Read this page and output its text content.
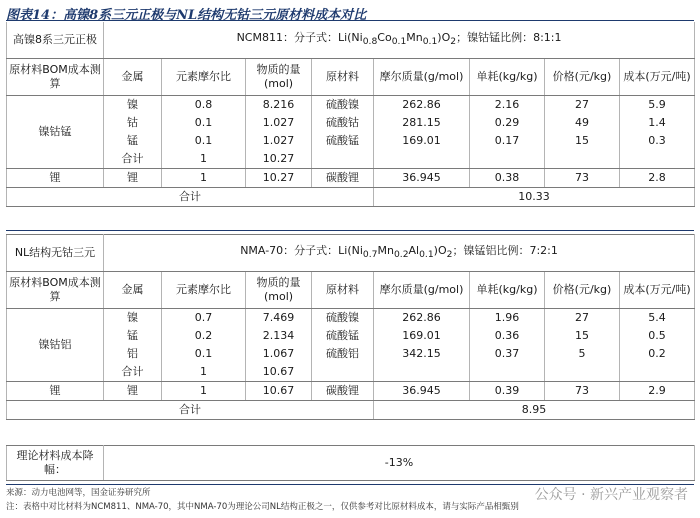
图表14：高镍8系三元正极与NL结构无钴三元原材料成本对比
高镍8系三元正极	NCM811：分子式：$Li(Ni_{0.8}Co_{0.1}Mn_{0.1})O_2$；镍钴锰比例：8:1:1							
原材料BOM成本测算	金属	元素摩尔比	物质的量(mol)	原材料	摩尔质量(g/mol)	单耗(kg/kg)	价格(元/kg)	成本(万元/吨)
镍钴锰	镍	0.8	8.216	硫酸镍	262.86	2.16	27	5.9
	钴	0.1	1.027	硫酸钴	281.15	0.29	49	1.4
	锰	0.1	1.027	硫酸锰	169.01	0.17	15	0.3
	合计	1	10.27					
锂	锂	1	10.27	碳酸锂	36.945	0.38	73	2.8
合计					10.33			
NL结构无钴三元	NMA-70：分子式：$Li(Ni_{0.7}Mn_{0.2}Al_{0.1})O_2$；镍锰铝比例：7:2:1							
原材料BOM成本测算	金属	元素摩尔比	物质的量(mol)	原材料	摩尔质量(g/mol)	单耗(kg/kg)	价格(元/kg)	成本(万元/吨)
镍钴铝	镍	0.7	7.469	硫酸镍	262.86	1.96	27	5.4
	锰	0.2	2.134	硫酸锰	169.01	0.36	15	0.5
	铝	0.1	1.067	硫酸铝	342.15	0.37	5	0.2
	合计	1	10.67					
锂	锂	1	10.67	碳酸锂	36.945	0.39	73	2.9
合计					8.95			
理论材料成本降幅：	-13%
来源：动力电池网等，国金证券研究所
注：表格中对比材料为NCM811、NMA-70，其中NMA-70为理论公司NL结构正极之一，仅供参考对比原材料成本，请与实际产品相甄别
公众号 · 新兴产业观察者
